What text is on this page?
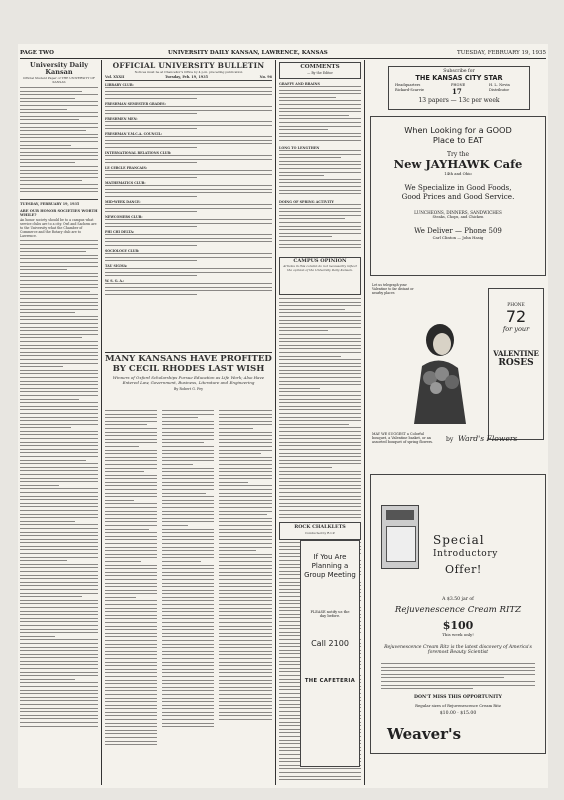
PAGE TWO	UNIVERSITY DAILY KANSAN, LAWRENCE, KANSAS	TUESDAY, FEBRUARY 19, 1935
University Daily Kansan
Official Student Paper of THE UNIVERSITY OF KANSAS
TUESDAY, FEBRUARY 19, 1935
ARE OUR HONOR SOCIETIES WORTH WHILE?
An honor society should be to a campus what service clubs are to a city. Owl and Sachem are to the University what the Chamber of Commerce and the Rotary club are to Lawrence.
OFFICIAL UNIVERSITY BULLETIN
Notices must be at Chancellor's Office by 4 p.m. preceding publication
Vol. XXXII	Tuesday, Feb. 19, 1935	No. 96
LIBRARY CLUB:
FRESHMAN SEMESTER GRADES:
FRESHMEN MEN:
FRESHMAN Y.M.C.A. COUNCIL:
INTERNATIONAL RELATIONS CLUB:
LE CERCLE FRANCAIS:
MATHEMATICS CLUB:
MID-WEEK DANCE:
NEWCOMERS CLUB:
PHI CHI DELTA:
SOCIOLOGY CLUB:
TAU SIGMA:
W. S. G. A.:
MANY KANSANS HAVE PROFITED BY CECIL RHODES LAST WISH
Winners of Oxford Scholarships Pursue Education as Life Work; Also Have Entered Law, Government, Business, Literature and Engineering
By Robert G. Fey
COMMENTS
— By the Editor
GRAFFY AND BRAINS
LONG TO LENGTHEN
DOING OF SPRING ACTIVITY
CAMPUS OPINION
Articles in this column do not necessarily reflect the opinion of the University Daily Kansan.
ROCK CHALKLETS
Conducted by R.I.P.
If You Are
Planning a
Group Meeting
PLEASE notify us the day before.
Call 2100
THE CAFETERIA
Subscribe for
THE KANSAS CITY STAR
Headquarters
Rickard-Scarvie
PHONE
17
H. L. Nevin
Distributor
13 papers — 13c per week
When Looking for a GOOD
Place to EAT
Try the
New JAYHAWK Cafe
14th and Ohio
We Specialize in Good Foods,
Good Prices and Good Service.
LUNCHEONS, DINNERS, SANDWICHES
Steaks, Chops, and Chicken
We Deliver — Phone 509
Carl Clinton — John Hasig
Let us telegraph your Valentine to far distant or nearby places
PHONE
72
for your
VALENTINE
ROSES
MAY WE SUGGEST a Colorful bouquet, a Valentine basket, or an assorted bouquet of spring flowers. by Ward's Flowers
Special
Introductory
Offer!
A $3.50 jar of
Rejuvenescence Cream RITZ
$100
This week only!
Rejuvenescence Cream Ritz is the latest discovery of America's foremost Beauty Scientist
DON'T MISS THIS OPPORTUNITY
Regular sizes of Rejuvenescence Cream Ritz
$10.00 · $15.00
Weaver's
